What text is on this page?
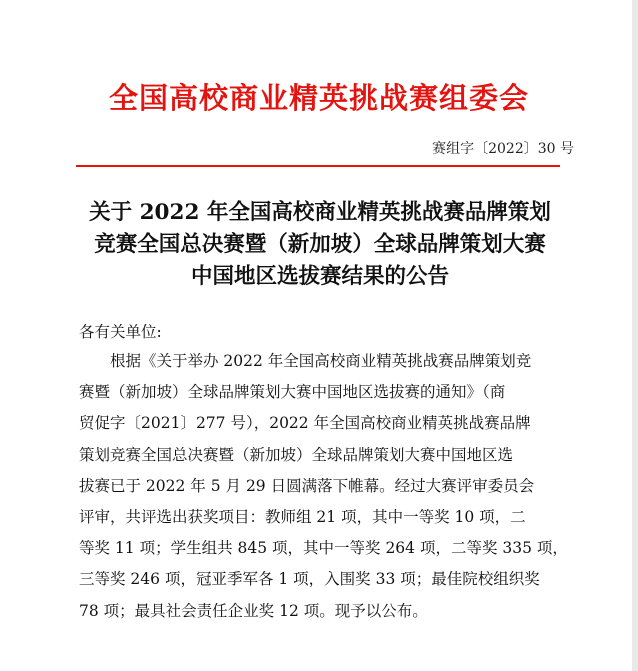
全国高校商业精英挑战赛组委会
赛组字〔2022〕30 号
关于 2022 年全国高校商业精英挑战赛品牌策划
竞赛全国总决赛暨（新加坡）全球品牌策划大赛
中国地区选拔赛结果的公告
各有关单位:
根据《关于举办 2022 年全国高校商业精英挑战赛品牌策划竞
赛暨（新加坡）全球品牌策划大赛中国地区选拔赛的通知》（商
贸促字〔2021〕277 号），2022 年全国高校商业精英挑战赛品牌
策划竞赛全国总决赛暨（新加坡）全球品牌策划大赛中国地区选
拔赛已于 2022 年 5 月 29 日圆满落下帷幕。经过大赛评审委员会
评审，共评选出获奖项目：教师组 21 项，其中一等奖 10 项，二
等奖 11 项；学生组共 845 项，其中一等奖 264 项，二等奖 335 项，
三等奖 246 项，冠亚季军各 1 项，入围奖 33 项；最佳院校组织奖
78 项；最具社会责任企业奖 12 项。现予以公布。
